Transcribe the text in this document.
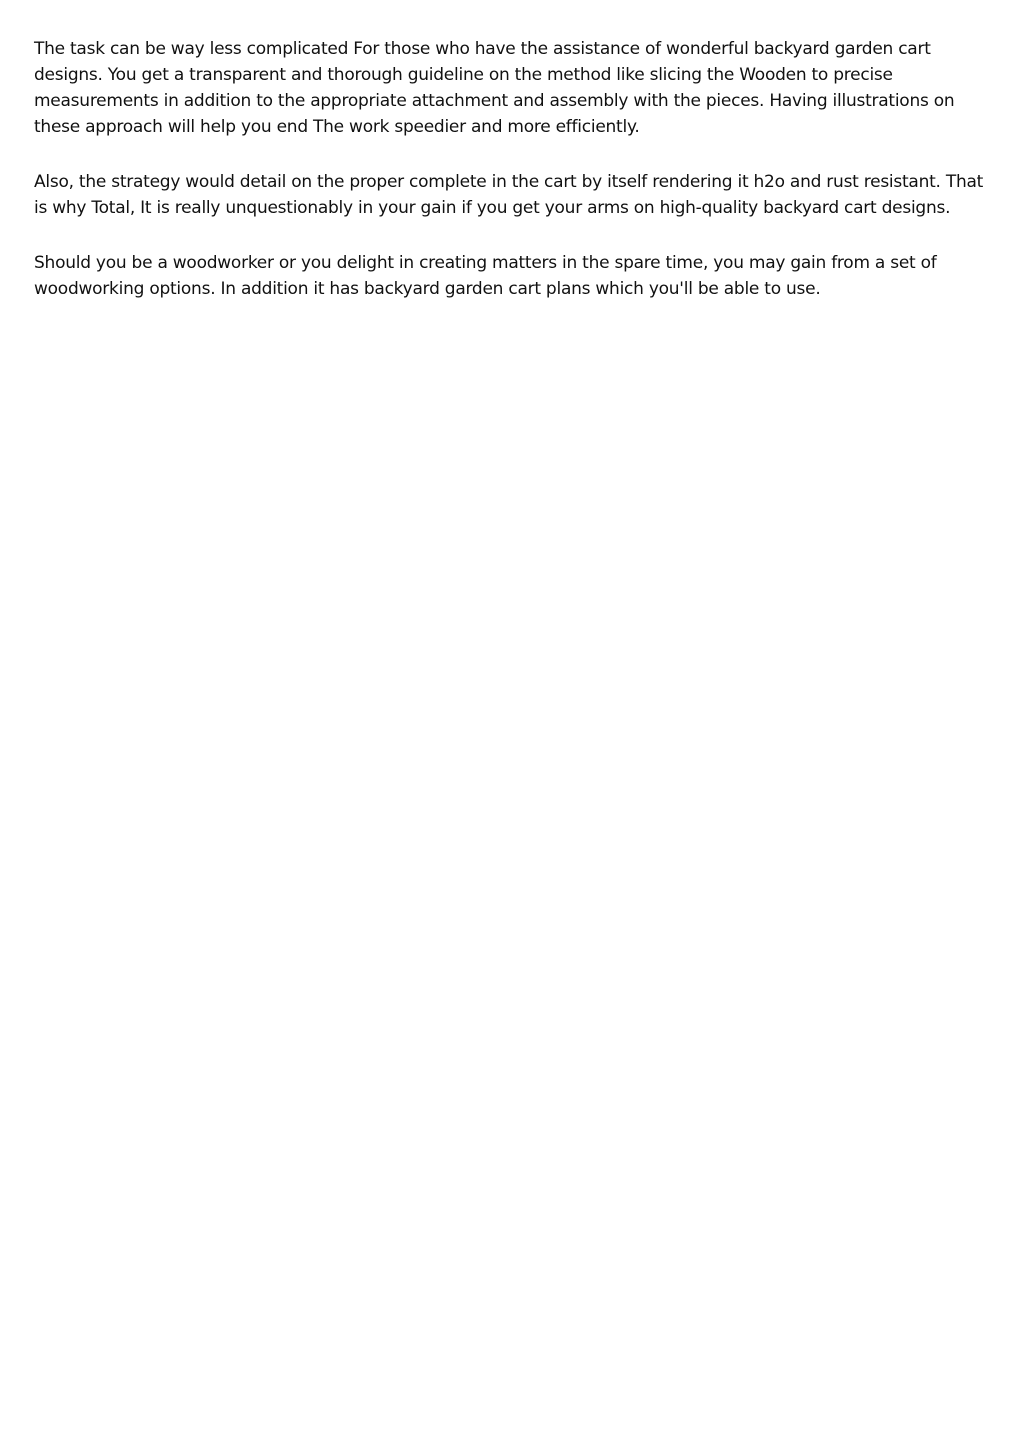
The task can be way less complicated For those who have the assistance of wonderful backyard garden cart designs. You get a transparent and thorough guideline on the method like slicing the Wooden to precise measurements in addition to the appropriate attachment and assembly with the pieces. Having illustrations on these approach will help you end The work speedier and more efficiently.

Also, the strategy would detail on the proper complete in the cart by itself rendering it h2o and rust resistant. That is why Total, It is really unquestionably in your gain if you get your arms on high-quality backyard cart designs.

Should you be a woodworker or you delight in creating matters in the spare time, you may gain from a set of woodworking options. In addition it has backyard garden cart plans which you'll be able to use.
